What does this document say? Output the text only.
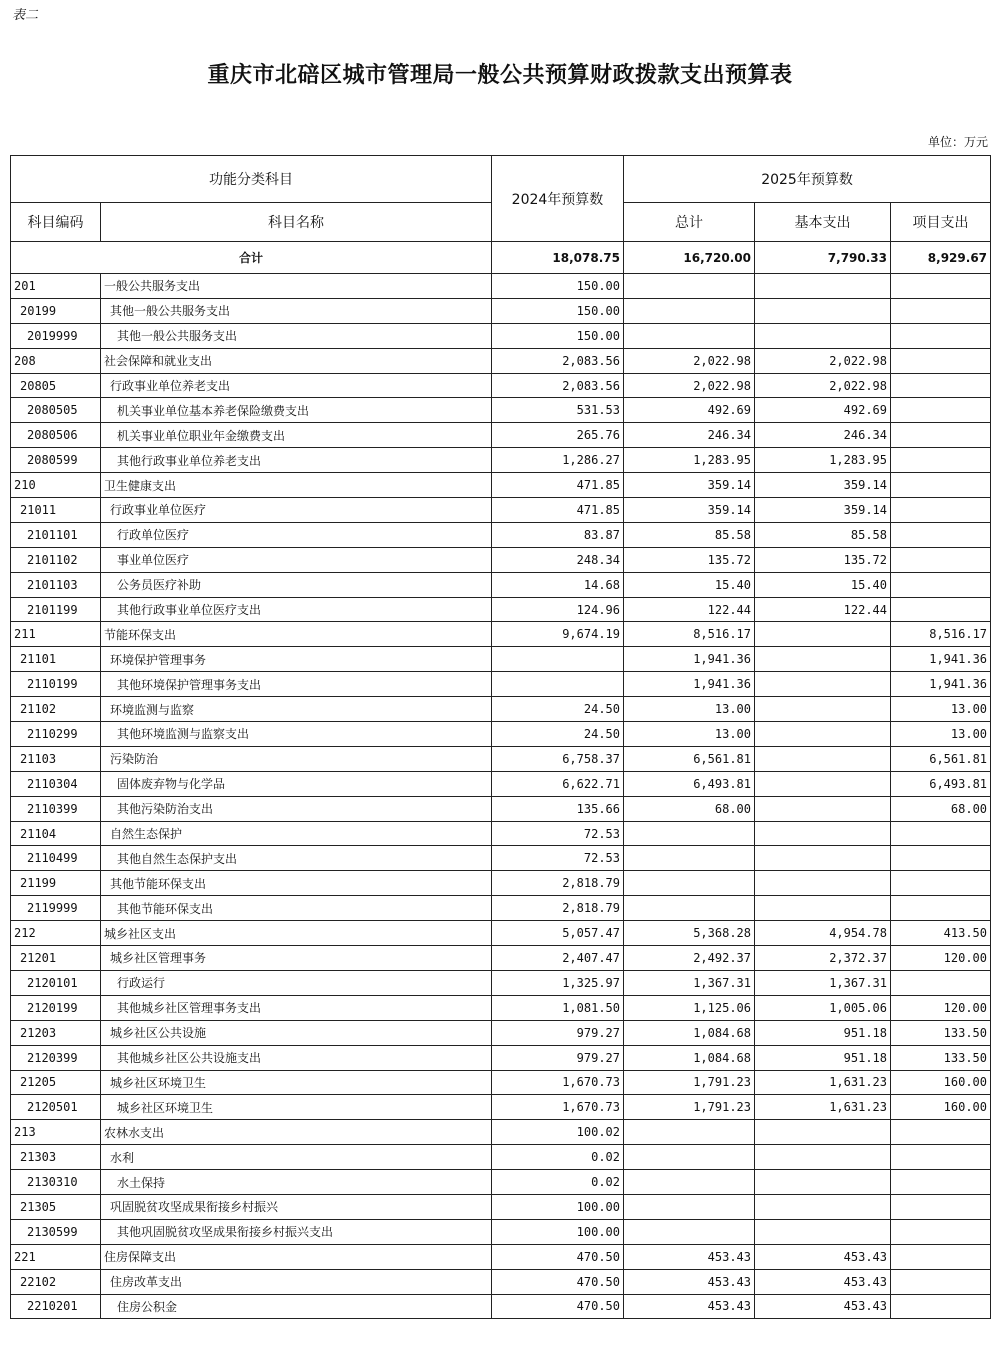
表二
重庆市北碚区城市管理局一般公共预算财政拨款支出预算表
单位：万元
功能分类科目		2024年预算数	2025年预算数		
科目编码	科目名称		总计	基本支出	项目支出
合计		18,078.75	16,720.00	7,790.33	8,929.67
201	一般公共服务支出	150.00			
20199	其他一般公共服务支出	150.00			
2019999	其他一般公共服务支出	150.00			
208	社会保障和就业支出	2,083.56	2,022.98	2,022.98	
20805	行政事业单位养老支出	2,083.56	2,022.98	2,022.98	
2080505	机关事业单位基本养老保险缴费支出	531.53	492.69	492.69	
2080506	机关事业单位职业年金缴费支出	265.76	246.34	246.34	
2080599	其他行政事业单位养老支出	1,286.27	1,283.95	1,283.95	
210	卫生健康支出	471.85	359.14	359.14	
21011	行政事业单位医疗	471.85	359.14	359.14	
2101101	行政单位医疗	83.87	85.58	85.58	
2101102	事业单位医疗	248.34	135.72	135.72	
2101103	公务员医疗补助	14.68	15.40	15.40	
2101199	其他行政事业单位医疗支出	124.96	122.44	122.44	
211	节能环保支出	9,674.19	8,516.17		8,516.17
21101	环境保护管理事务		1,941.36		1,941.36
2110199	其他环境保护管理事务支出		1,941.36		1,941.36
21102	环境监测与监察	24.50	13.00		13.00
2110299	其他环境监测与监察支出	24.50	13.00		13.00
21103	污染防治	6,758.37	6,561.81		6,561.81
2110304	固体废弃物与化学品	6,622.71	6,493.81		6,493.81
2110399	其他污染防治支出	135.66	68.00		68.00
21104	自然生态保护	72.53			
2110499	其他自然生态保护支出	72.53			
21199	其他节能环保支出	2,818.79			
2119999	其他节能环保支出	2,818.79			
212	城乡社区支出	5,057.47	5,368.28	4,954.78	413.50
21201	城乡社区管理事务	2,407.47	2,492.37	2,372.37	120.00
2120101	行政运行	1,325.97	1,367.31	1,367.31	
2120199	其他城乡社区管理事务支出	1,081.50	1,125.06	1,005.06	120.00
21203	城乡社区公共设施	979.27	1,084.68	951.18	133.50
2120399	其他城乡社区公共设施支出	979.27	1,084.68	951.18	133.50
21205	城乡社区环境卫生	1,670.73	1,791.23	1,631.23	160.00
2120501	城乡社区环境卫生	1,670.73	1,791.23	1,631.23	160.00
213	农林水支出	100.02			
21303	水利	0.02			
2130310	水土保持	0.02			
21305	巩固脱贫攻坚成果衔接乡村振兴	100.00			
2130599	其他巩固脱贫攻坚成果衔接乡村振兴支出	100.00			
221	住房保障支出	470.50	453.43	453.43	
22102	住房改革支出	470.50	453.43	453.43	
2210201	住房公积金	470.50	453.43	453.43	
